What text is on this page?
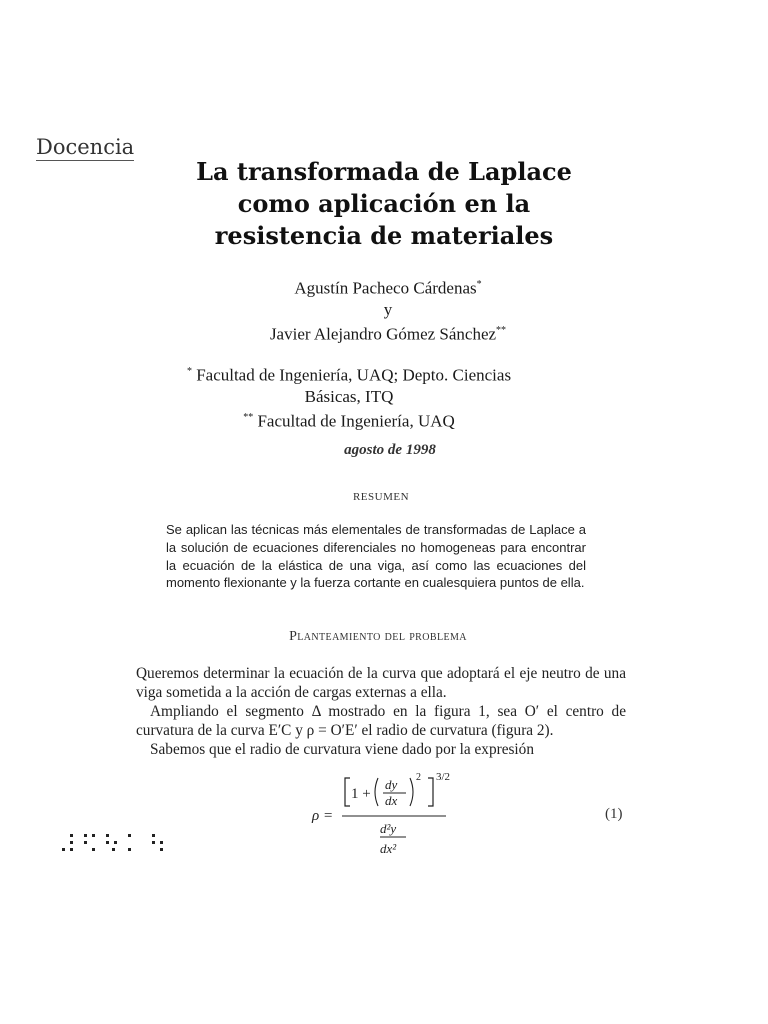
Docencia
La transformada de Laplace
como aplicación en la
resistencia de materiales
Agustín Pacheco Cárdenas*
y
Javier Alejandro Gómez Sánchez**
* Facultad de Ingeniería, UAQ; Depto. Ciencias
Básicas, ITQ
** Facultad de Ingeniería, UAQ
agosto de 1998
RESUMEN
Se aplican las técnicas más elementales de transformadas de Laplace a la solución de ecuaciones diferenciales no homogeneas para encontrar la ecuación de la elástica de una viga, así como las ecuaciones del momento flexionante y la fuerza cortante en cualesquiera puntos de ella.
Planteamiento del problema

Queremos determinar la ecuación de la curva que adoptará el eje neutro de una viga sometida a la acción de cargas externas a ella.

Ampliando el segmento Δ mostrado en la figura 1, sea O′ el centro de curvatura de la curva E′C y ρ = O′E′ el radio de curvatura (figura 2).

Sabemos que el radio de curvatura viene dado por la expresión

ρ =
1 +
dy
dx
2 3/2
d²y
dx²
(1)
